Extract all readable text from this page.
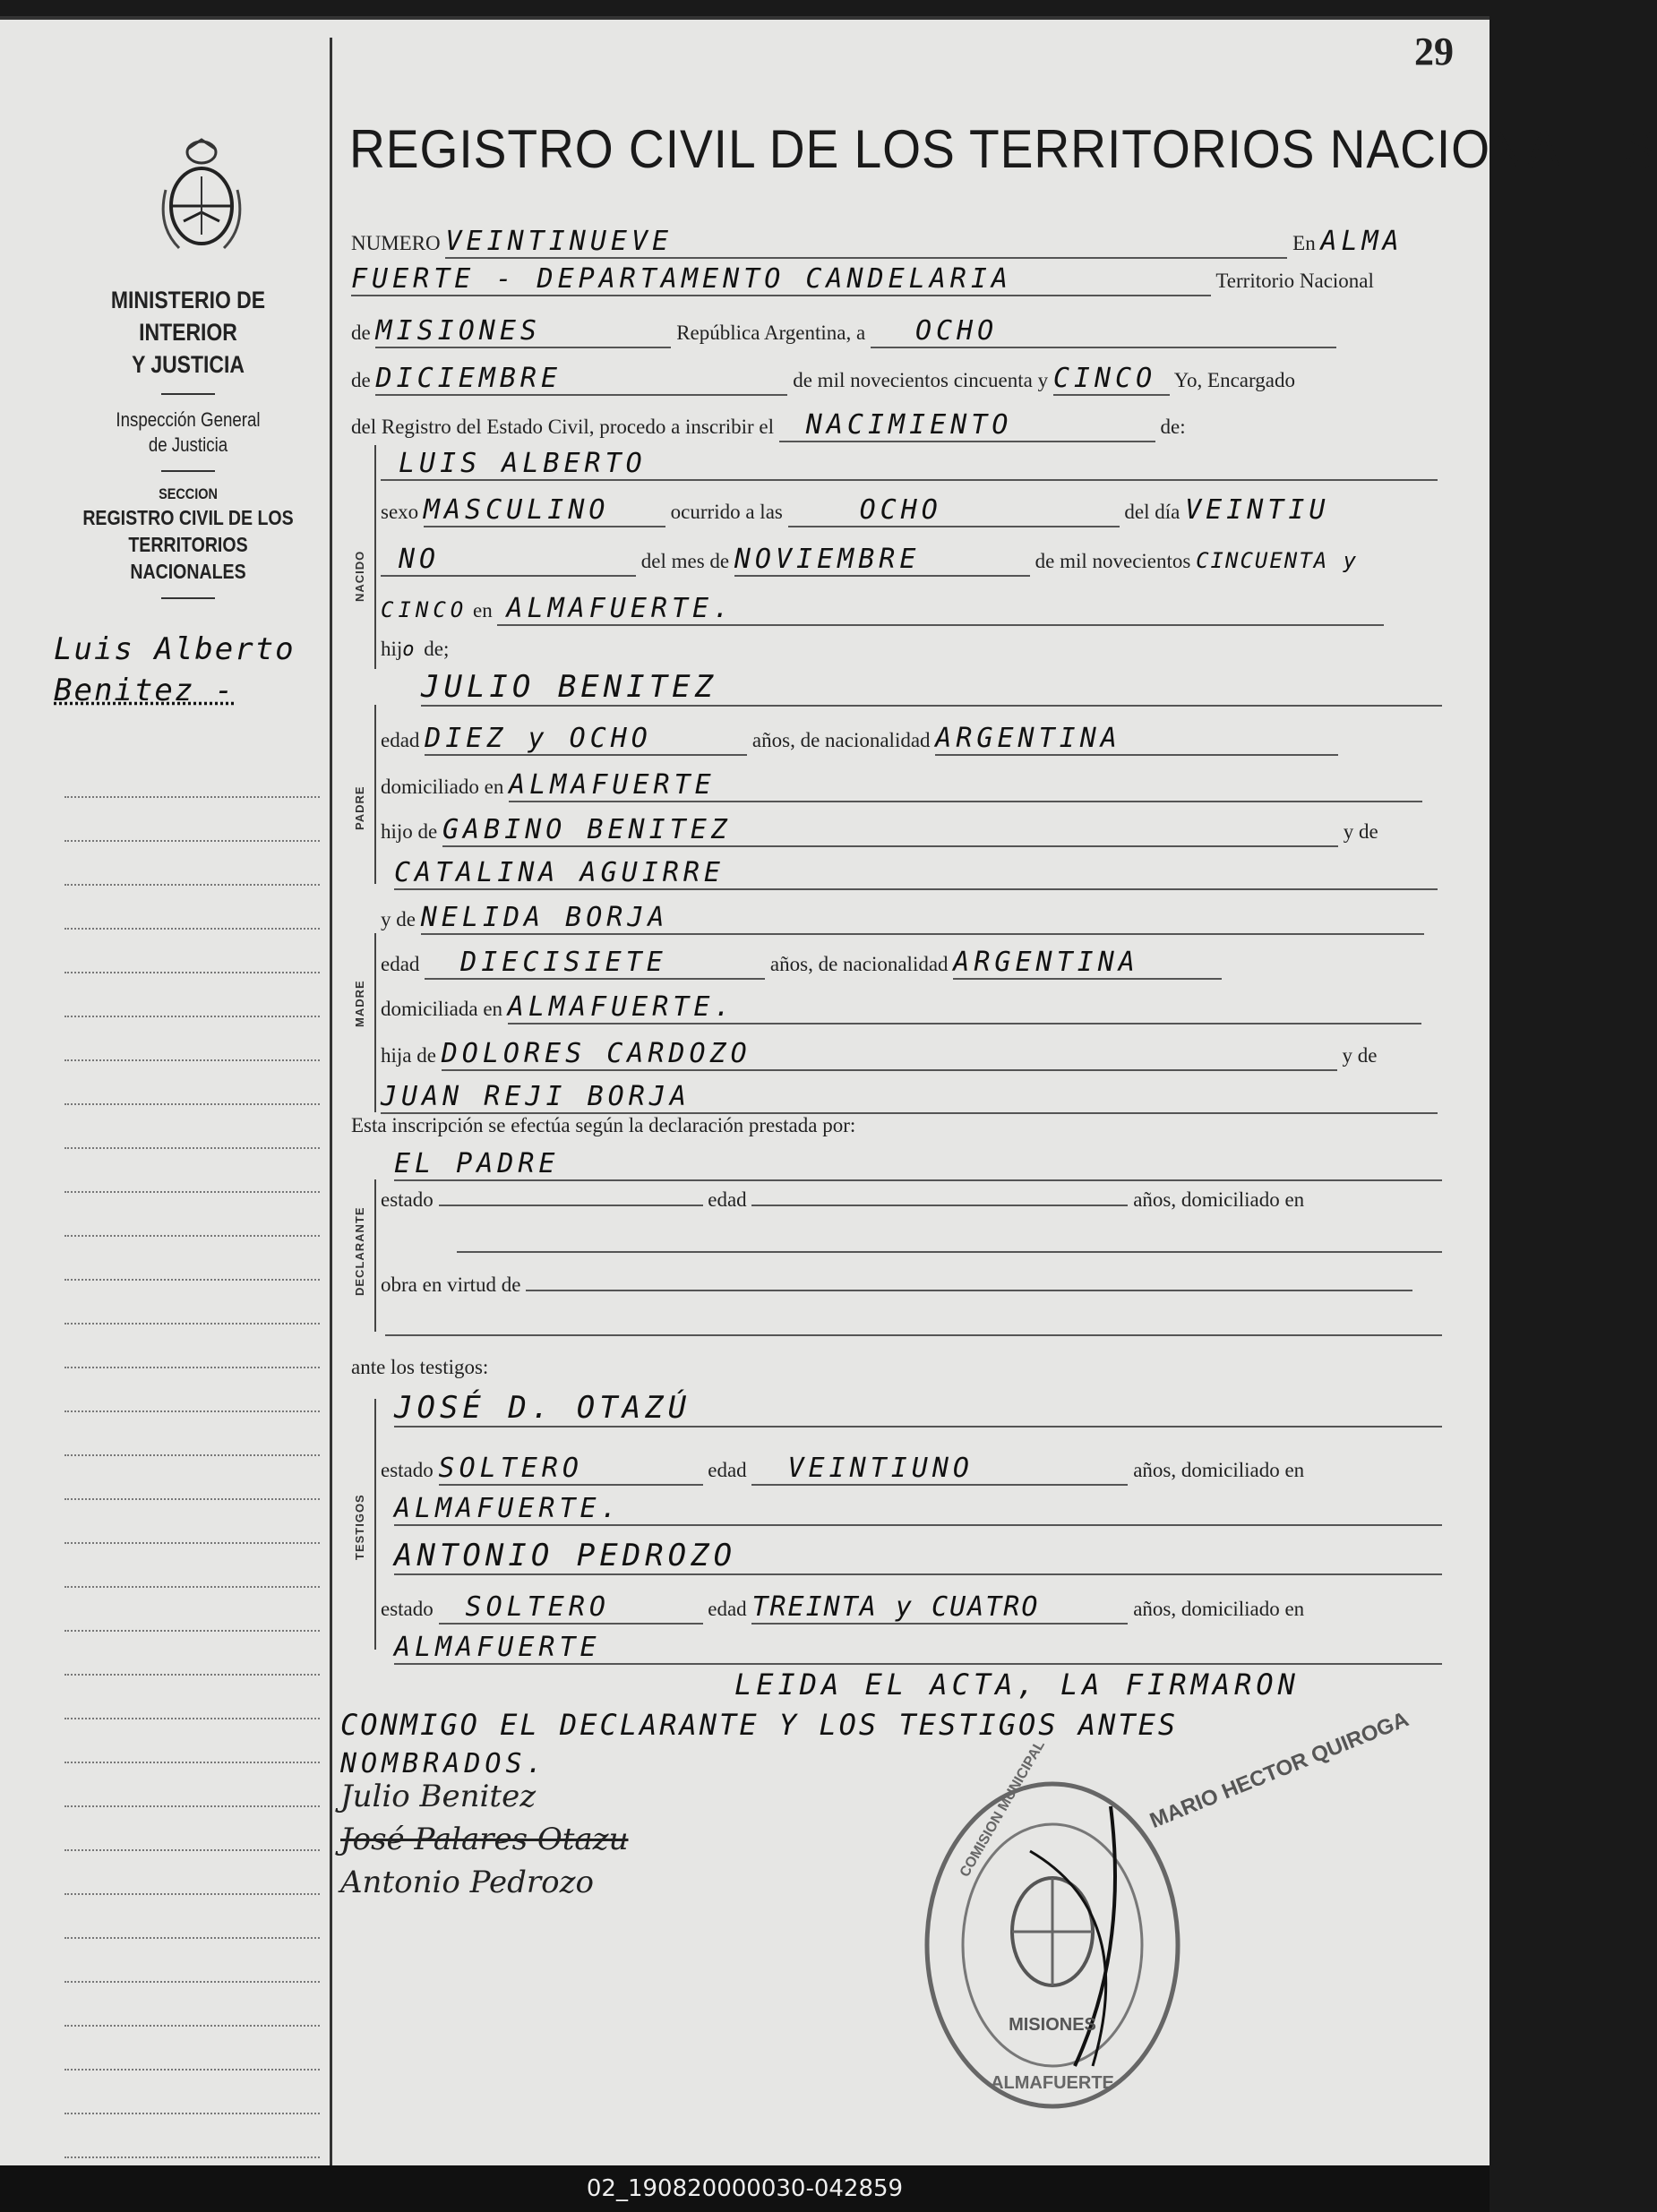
29
MINISTERIO DE INTERIOR
Y JUSTICIA
Inspección General
de Justicia
SECCION
REGISTRO CIVIL DE LOS
TERRITORIOS NACIONALES
Luis Alberto
Benitez -
REGISTRO CIVIL DE LOS TERRITORIOS NACIONALES
NUMERO VEINTINUEVE	En ALMA
FUERTE - DEPARTAMENTO CANDELARIA	Territorio Nacional
de MISIONES	República Argentina, a OCHO
de DICIEMBRE	de mil novecientos cincuenta y CINCO Yo, Encargado
del Registro del Estado Civil, procedo a inscribir el NACIMIENTO	de:
NACIDO
LUIS ALBERTO
sexo MASCULINO	ocurrido a las	OCHO	del día VEINTIU
NO	del mes de NOVIEMBRE	de mil novecientos CINCUENTA y
CINCO en ALMAFUERTE.
hijo de;
JULIO BENITEZ
PADRE
edad DIEZ y OCHO	años, de nacionalidad ARGENTINA
domiciliado en ALMAFUERTE
hijo de GABINO BENITEZ	y de
CATALINA AGUIRRE
y de NELIDA BORJA
MADRE
edad DIECISIETE	años, de nacionalidad ARGENTINA
domiciliada en ALMAFUERTE.
hija de DOLORES CARDOZO	y de
JUAN REJI BORJA
Esta inscripción se efectúa según la declaración prestada por:
EL PADRE
DECLARANTE
estado	edad	años, domiciliado en
obra en virtud de
ante los testigos:
TESTIGOS
JOSÉ D. OTAZÚ
estado SOLTERO	edad VEINTIUNO	años, domiciliado en
ALMAFUERTE.
ANTONIO PEDROZO
estado SOLTERO	edad TREINTA y CUATRO	años, domiciliado en
ALMAFUERTE
LEIDA EL ACTA, LA FIRMARON
CONMIGO EL DECLARANTE Y LOS TESTIGOS ANTES
NOMBRADOS.
Julio Benitez
José Palares Otazu
Antonio Pedrozo
MISIONES
COMISION MUNICIPAL
ALMAFUERTE
MARIO HECTOR QUIROGA
02_190820000030-042859
